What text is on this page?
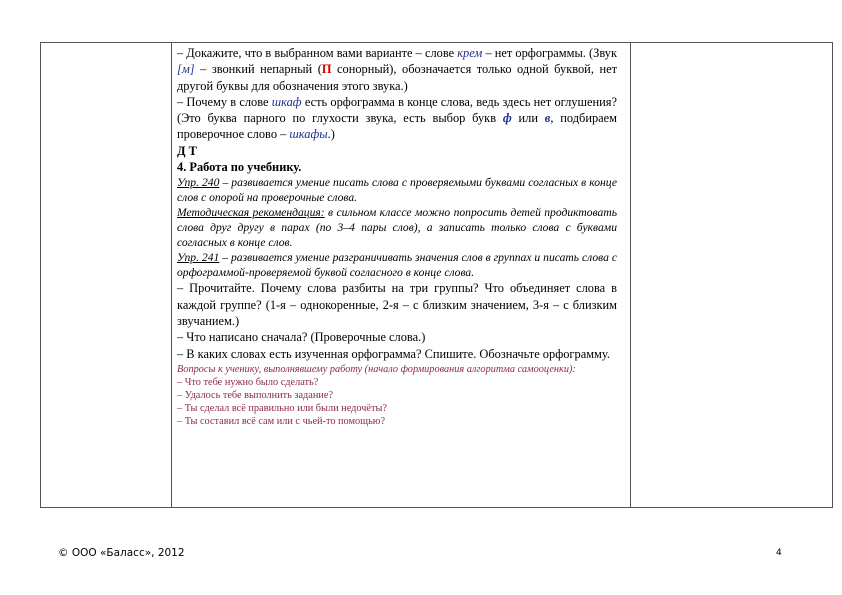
– Докажите, что в выбранном вами варианте – слове крем – нет орфограммы. (Звук [м] – звонкий непарный (П сонорный), обозначается только одной буквой, нет другой буквы для обозначения этого звука.)

– Почему в слове шкаф есть орфограмма в конце слова, ведь здесь нет оглушения? (Это буква парного по глухости звука, есть выбор букв ф или в, подбираем проверочное слово – шкафы.)

Д Т

4. Работа по учебнику.

Упр. 240 – развивается умение писать слова с проверяемыми буквами согласных в конце слов с опорой на проверочные слова.

Методическая рекомендация: в сильном классе можно попросить детей продиктовать слова друг другу в парах (по 3–4 пары слов), а записать только слова с буквами согласных в конце слов.

Упр. 241 – развивается умение разграничивать значения слов в группах и писать слова с орфограммой-проверяемой буквой согласного в конце слова.

– Прочитайте. Почему слова разбиты на три группы? Что объединяет слова в каждой группе? (1-я – однокоренные, 2-я – с близким значением, 3-я – с близким звучанием.)

– Что написано сначала? (Проверочные слова.)

– В каких словах есть изученная орфограмма? Спишите. Обозначьте орфограмму.

Вопросы к ученику, выполнявшему работу (начало формирования алгоритма самооценки):

– Что тебе нужно было сделать?

– Удалось тебе выполнить задание?

– Ты сделал всё правильно или были недочёты?

– Ты составил всё сам или с чьей-то помощью?

© ООО «Баласс», 2012	4
